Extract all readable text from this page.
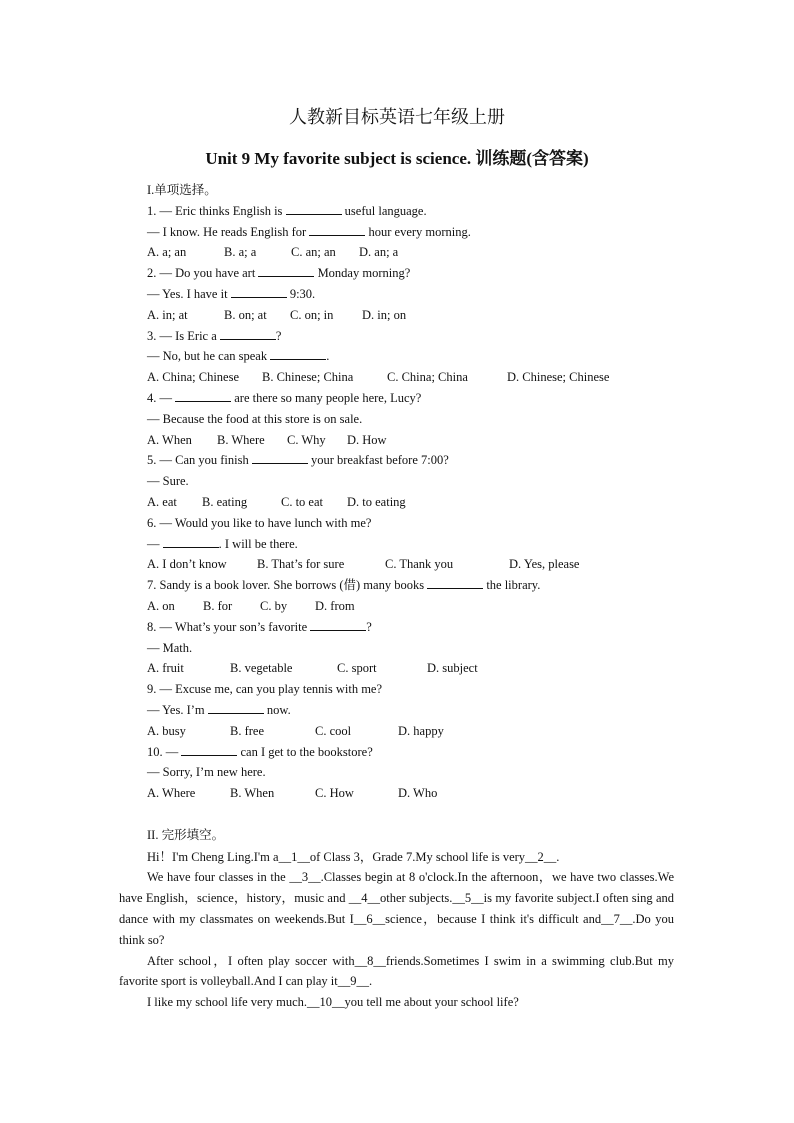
人教新目标英语七年级上册
Unit 9 My favorite subject is science. 训练题(含答案)
I.单项选择。
1. — Eric thinks English is	useful language.
— I know. He reads English for	hour every morning.
A. a; an	B. a; a	C. an; an D. an; a
2. — Do you have art	Monday morning?
— Yes. I have it	9:30.
A. in; at	B. on; at C. on; in D. in; on
3. — Is Eric a	?
— No, but he can speak	.
A. China; Chinese B. Chinese; China	C. China; China	D. Chinese; Chinese
4. —	are there so many people here, Lucy?
— Because the food at this store is on sale.
A. When B. Where C. Why D. How
5. — Can you finish	your breakfast before 7:00?
— Sure.
A. eat B. eating	C. to eat D. to eating
6. — Would you like to have lunch with me?
—	. I will be there.
A. I don’t know B. That’s for sure	C. Thank you	D. Yes, please
7. Sandy is a book lover. She borrows (借) many books	the library.
A. on B. for C. by D. from
8. — What’s your son’s favorite	?
— Math.
A. fruit	B. vegetable	C. sport	D. subject
9. — Excuse me, can you play tennis with me?
— Yes. I’m	now.
A. busy	B. free	C. cool	D. happy
10. —	can I get to the bookstore?
— Sorry, I’m new here.
A. Where	B. When	C. How	D. Who
II. 完形填空。
Hi！I'm Cheng Ling.I'm a__1__of Class 3，Grade 7.My school life is very__2__.
We have four classes in the __3__.Classes begin at 8 o'clock.In the afternoon，we have two classes.We have English，science，history，music and __4__other subjects.__5__is my favorite subject.I often sing and dance with my classmates on weekends.But I__6__science，because I think it's difficult and__7__.Do you think so?
After school，I often play soccer with__8__friends.Sometimes I swim in a swimming club.But my favorite sport is volleyball.And I can play it__9__.
I like my school life very much.__10__you tell me about your school life?
